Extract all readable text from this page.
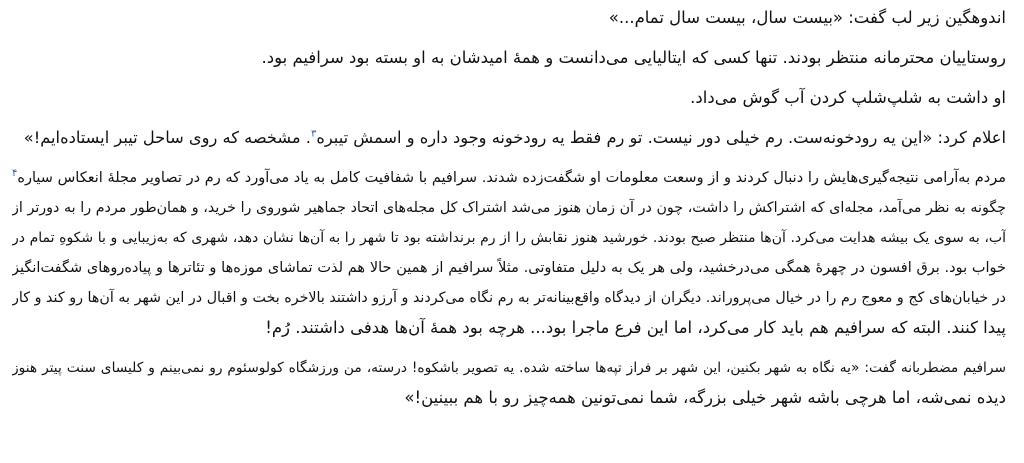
اندوهگین زیر لب گفت: «بیست سال، بیست سال تمام...»
روستاییان محترمانه منتظر بودند. تنها کسی که ایتالیایی می‌دانست و همهٔ امیدشان به او بسته بود سرافیم بود.
او داشت به شلپ‌شلپ کردن آب گوش می‌داد.
اعلام کرد: «این یه رودخونه‌ست. رم خیلی دور نیست. تو رم فقط یه رودخونه وجود داره و اسمش تیبره$^۳$. مشخصه که روی ساحل تیبر ایستاده‌ایم!»
مردم به‌آرامی نتیجه‌گیری‌هایش را دنبال کردند و از وسعت معلومات او شگفت‌زده شدند. سرافیم با شفافیت کامل به یاد می‌آورد که رم در تصاویر مجلهٔ انعکاس سیاره$^۴$
چگونه به نظر می‌آمد، مجله‌ای که اشتراکش را داشت، چون در آن زمان هنوز می‌شد اشتراک کل مجله‌های اتحاد جماهیر شوروی را خرید، و همان‌طور مردم را به دورتر از
آب، به سوی یک بیشه هدایت می‌کرد. آن‌ها منتظر صبح بودند. خورشید هنوز نقابش را از رم برنداشته بود تا شهر را به آن‌ها نشان دهد، شهری که به‌زیبایی و با شکوهِ تمام در
خواب بود. برق افسون در چهرهٔ همگی می‌درخشید، ولی هر یک به دلیل متفاوتی. مثلاً سرافیم از همین حالا هم لذت تماشای موزه‌ها و تئاترها و پیاده‌روهای شگفت‌انگیز
در خیابان‌های کج و معوج رم را در خیال می‌پروراند. دیگران از دیدگاه واقع‌بینانه‌تر به رم نگاه می‌کردند و آرزو داشتند بالاخره بخت و اقبال در این شهر به آن‌ها رو کند و کار
پیدا کنند. البته که سرافیم هم باید کار می‌کرد، اما این فرع ماجرا بود... هرچه بود همهٔ آن‌ها هدفی داشتند. رُم!
سرافیم مضطربانه گفت: «یه نگاه به شهر بکنین، این شهر بر فراز تپه‌ها ساخته شده. یه تصویر باشکوه! درسته، من ورزشگاه کولوسئوم رو نمی‌بینم و کلیسای سنت پیتر هنوز
دیده نمی‌شه، اما هرچی باشه شهر خیلی بزرگه، شما نمی‌تونین همه‌چیز رو با هم ببینین!»
